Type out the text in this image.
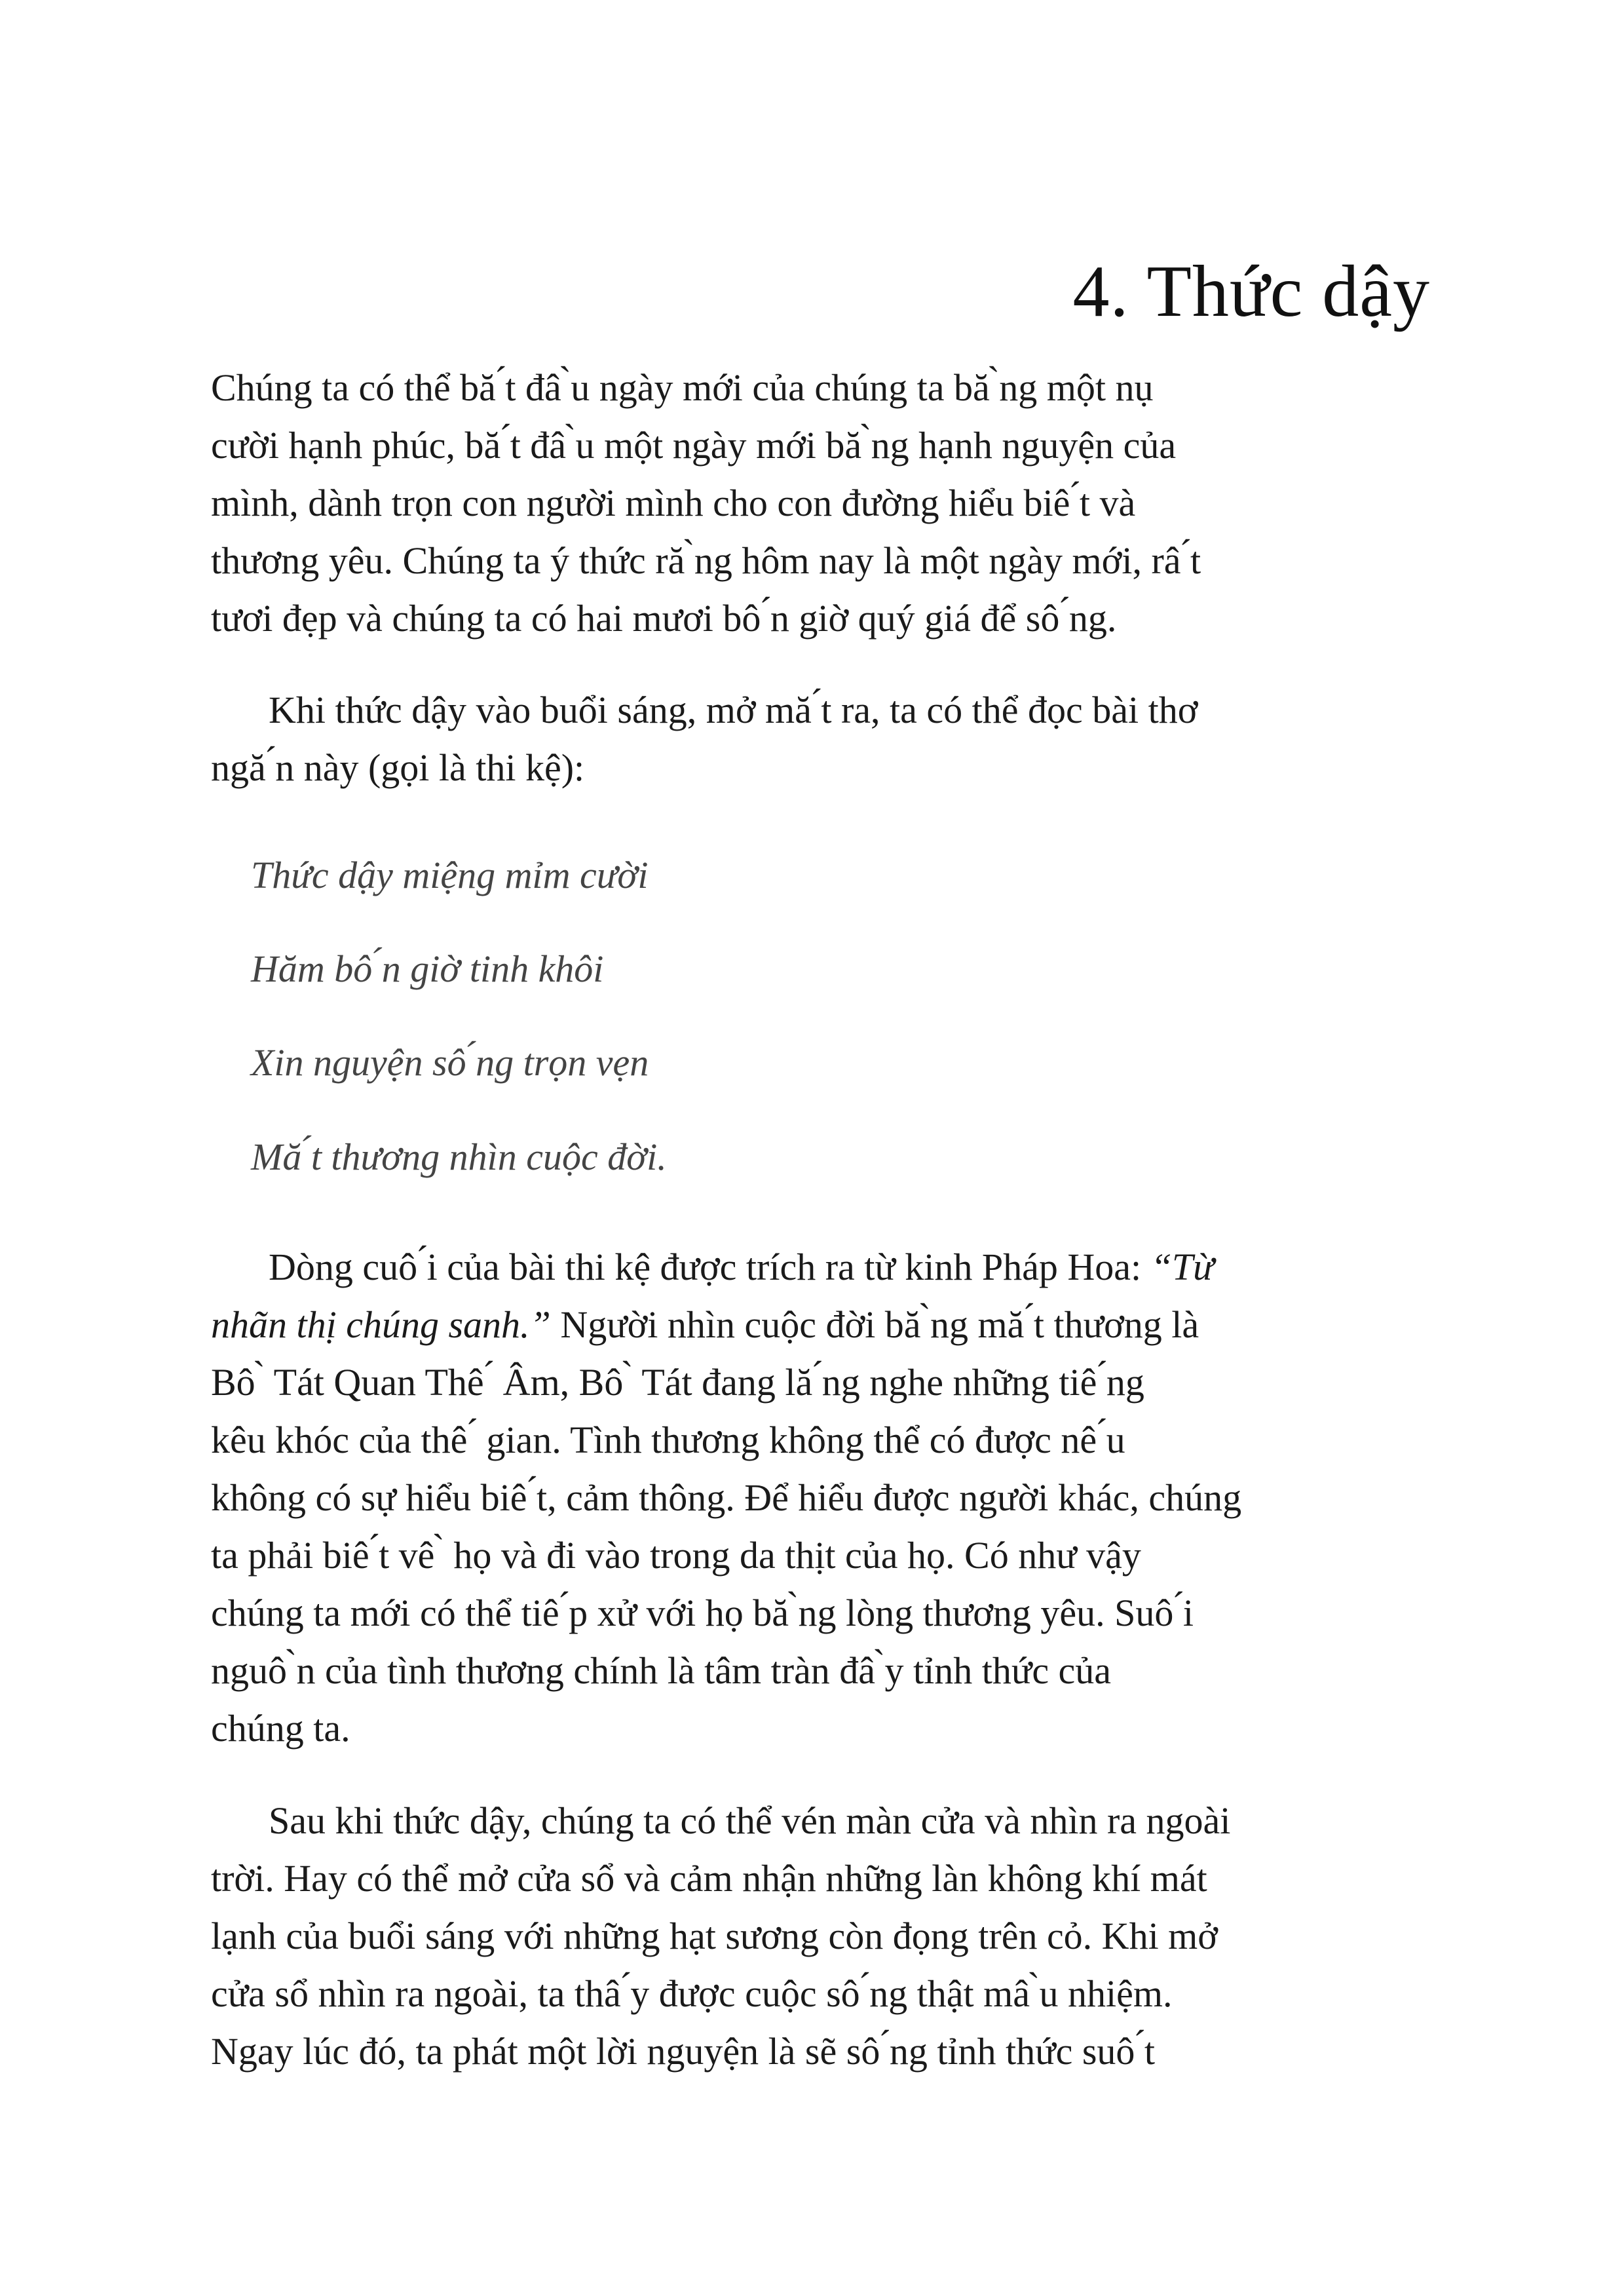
4. Thức dậy

Chúng ta có thể bă ́t đâ ̀u ngày mới của chúng ta bă ̀ng một nụ

cười hạnh phúc, bă ́t đâ ̀u một ngày mới bă ̀ng hạnh nguyện của

mình, dành trọn con người mình cho con đường hiểu biê ́t và

thương yêu. Chúng ta ý thức ră ̀ng hôm nay là một ngày mới, râ ́t

tươi đẹp và chúng ta có hai mươi bô ́n giờ quý giá để sô ́ng.

Khi thức dậy vào buổi sáng, mở mă ́t ra, ta có thể đọc bài thơ

ngă ́n này (gọi là thi kệ):

Thức dậy miệng mỉm cười

Hăm bô ́n giờ tinh khôi

Xin nguyện sô ́ng trọn vẹn

Mă ́t thương nhìn cuộc đời.

Dòng cuô ́i của bài thi kệ được trích ra từ kinh Pháp Hoa: “Từ

nhãn thị chúng sanh.” Người nhìn cuộc đời bă ̀ng mă ́t thương là

Bô ̀ Tát Quan Thê ́ Âm, Bô ̀ Tát đang lă ́ng nghe những tiê ́ng

kêu khóc của thê ́ gian. Tình thương không thể có được nê ́u

không có sự hiểu biê ́t, cảm thông. Để hiểu được người khác, chúng

ta phải biê ́t vê ̀ họ và đi vào trong da thịt của họ. Có như vậy

chúng ta mới có thể tiê ́p xử với họ bă ̀ng lòng thương yêu. Suô ́i

nguô ̀n của tình thương chính là tâm tràn đâ ̀y tỉnh thức của

chúng ta.

Sau khi thức dậy, chúng ta có thể vén màn cửa và nhìn ra ngoài

trời. Hay có thể mở cửa sổ và cảm nhận những làn không khí mát

lạnh của buổi sáng với những hạt sương còn đọng trên cỏ. Khi mở

cửa sổ nhìn ra ngoài, ta thâ ́y được cuộc sô ́ng thật mâ ̀u nhiệm.

Ngay lúc đó, ta phát một lời nguyện là sẽ sô ́ng tỉnh thức suô ́t
